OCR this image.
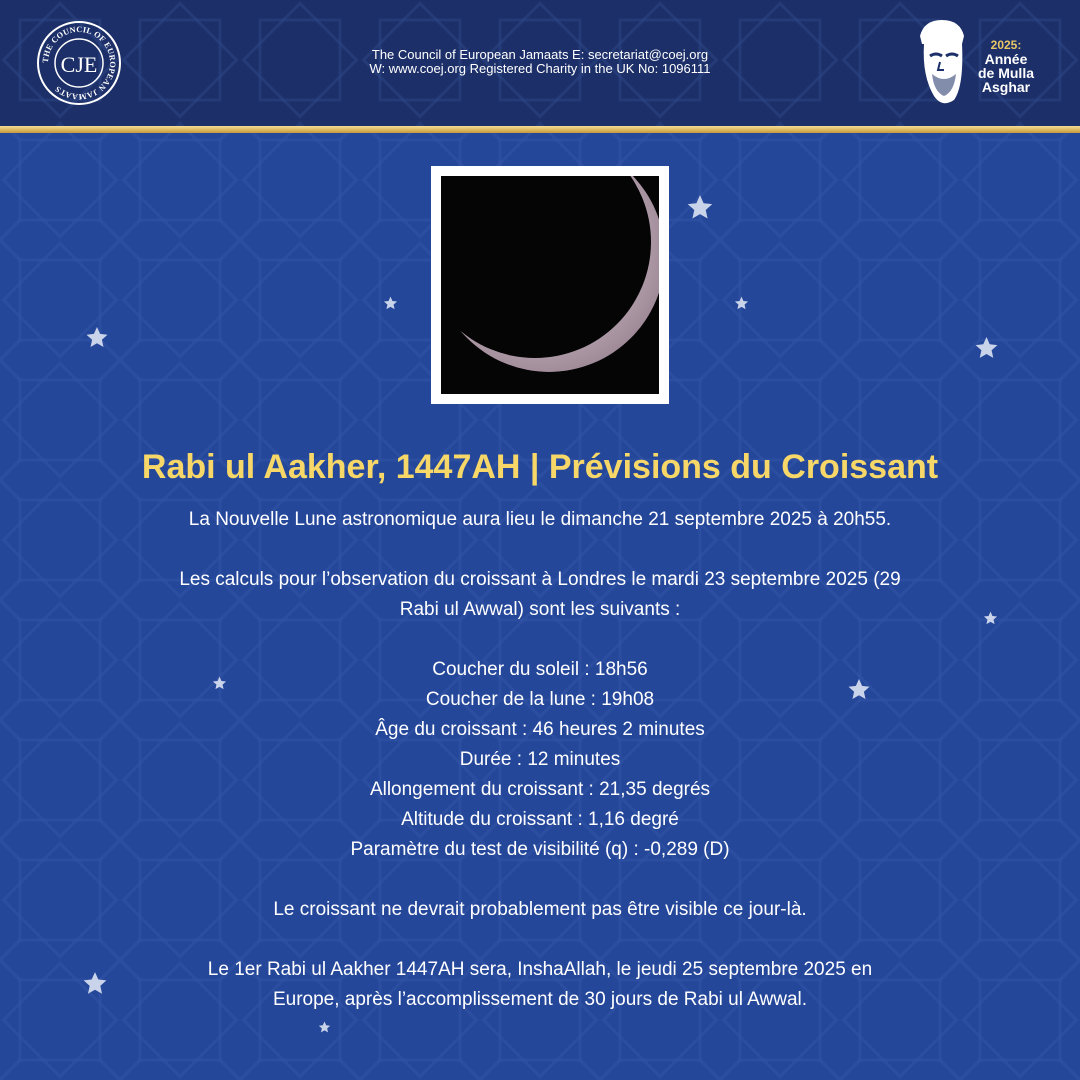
THE COUNCIL OF EUROPEAN JAMAATS
CJE	The Council of European Jamaats E: secretariat@coej.org
W: www.coej.org Registered Charity in the UK No: 1096111
2025:
Année
de Mulla
Asghar
Rabi ul Aakher, 1447AH | Prévisions du Croissant

La Nouvelle Lune astronomique aura lieu le dimanche 21 septembre 2025 à 20h55.

Les calculs pour l’observation du croissant à Londres le mardi 23 septembre 2025 (29

Rabi ul Awwal) sont les suivants :

Coucher du soleil : 18h56

Coucher de la lune : 19h08

Âge du croissant : 46 heures 2 minutes

Durée : 12 minutes

Allongement du croissant : 21,35 degrés

Altitude du croissant : 1,16 degré

Paramètre du test de visibilité (q) : -0,289 (D)

Le croissant ne devrait probablement pas être visible ce jour-là.

Le 1er Rabi ul Aakher 1447AH sera, InshaAllah, le jeudi 25 septembre 2025 en

Europe, après l’accomplissement de 30 jours de Rabi ul Awwal.
